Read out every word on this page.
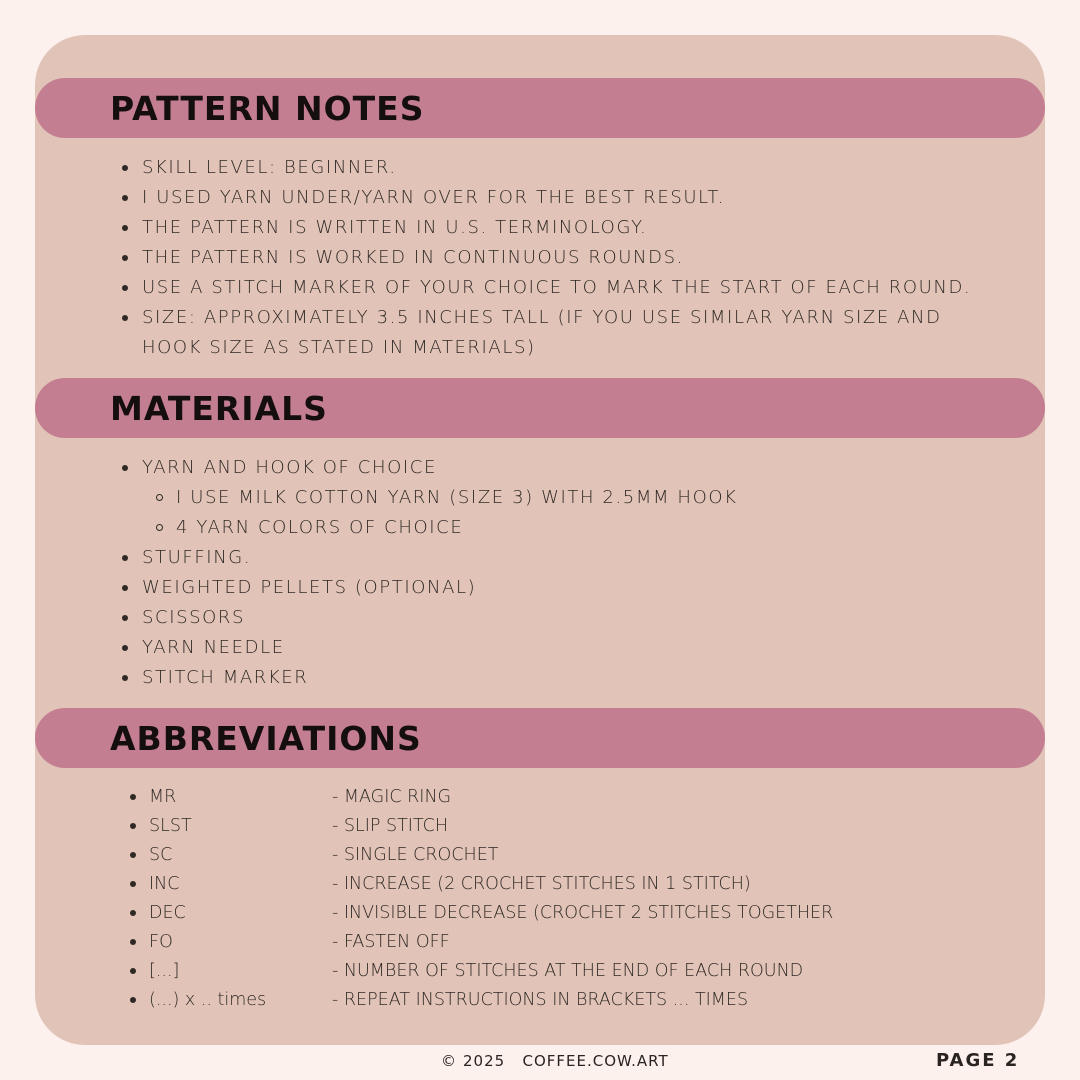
PATTERN NOTES
SKILL LEVEL: BEGINNER.
I USED YARN UNDER/YARN OVER FOR THE BEST RESULT.
THE PATTERN IS WRITTEN IN U.S. TERMINOLOGY.
THE PATTERN IS WORKED IN CONTINUOUS ROUNDS.
USE A STITCH MARKER OF YOUR CHOICE TO MARK THE START OF EACH ROUND.
SIZE: APPROXIMATELY 3.5 INCHES TALL (IF YOU USE SIMILAR YARN SIZE AND HOOK SIZE AS STATED IN MATERIALS)
MATERIALS
YARN AND HOOK OF CHOICE
I USE MILK COTTON YARN (SIZE 3) WITH 2.5MM HOOK
4 YARN COLORS OF CHOICE
STUFFING.
WEIGHTED PELLETS (OPTIONAL)
SCISSORS
YARN NEEDLE
STITCH MARKER
ABBREVIATIONS
MR	- MAGIC RING
SLST	- SLIP STITCH
SC	- SINGLE CROCHET
INC	- INCREASE (2 CROCHET STITCHES IN 1 STITCH)
DEC	- INVISIBLE DECREASE (CROCHET 2 STITCHES TOGETHER
FO	- FASTEN OFF
[...]	- NUMBER OF STITCHES AT THE END OF EACH ROUND
(...) x .. times	- REPEAT INSTRUCTIONS IN BRACKETS ... TIMES
© 2025 COFFEE.COW.ART	PAGE 2
